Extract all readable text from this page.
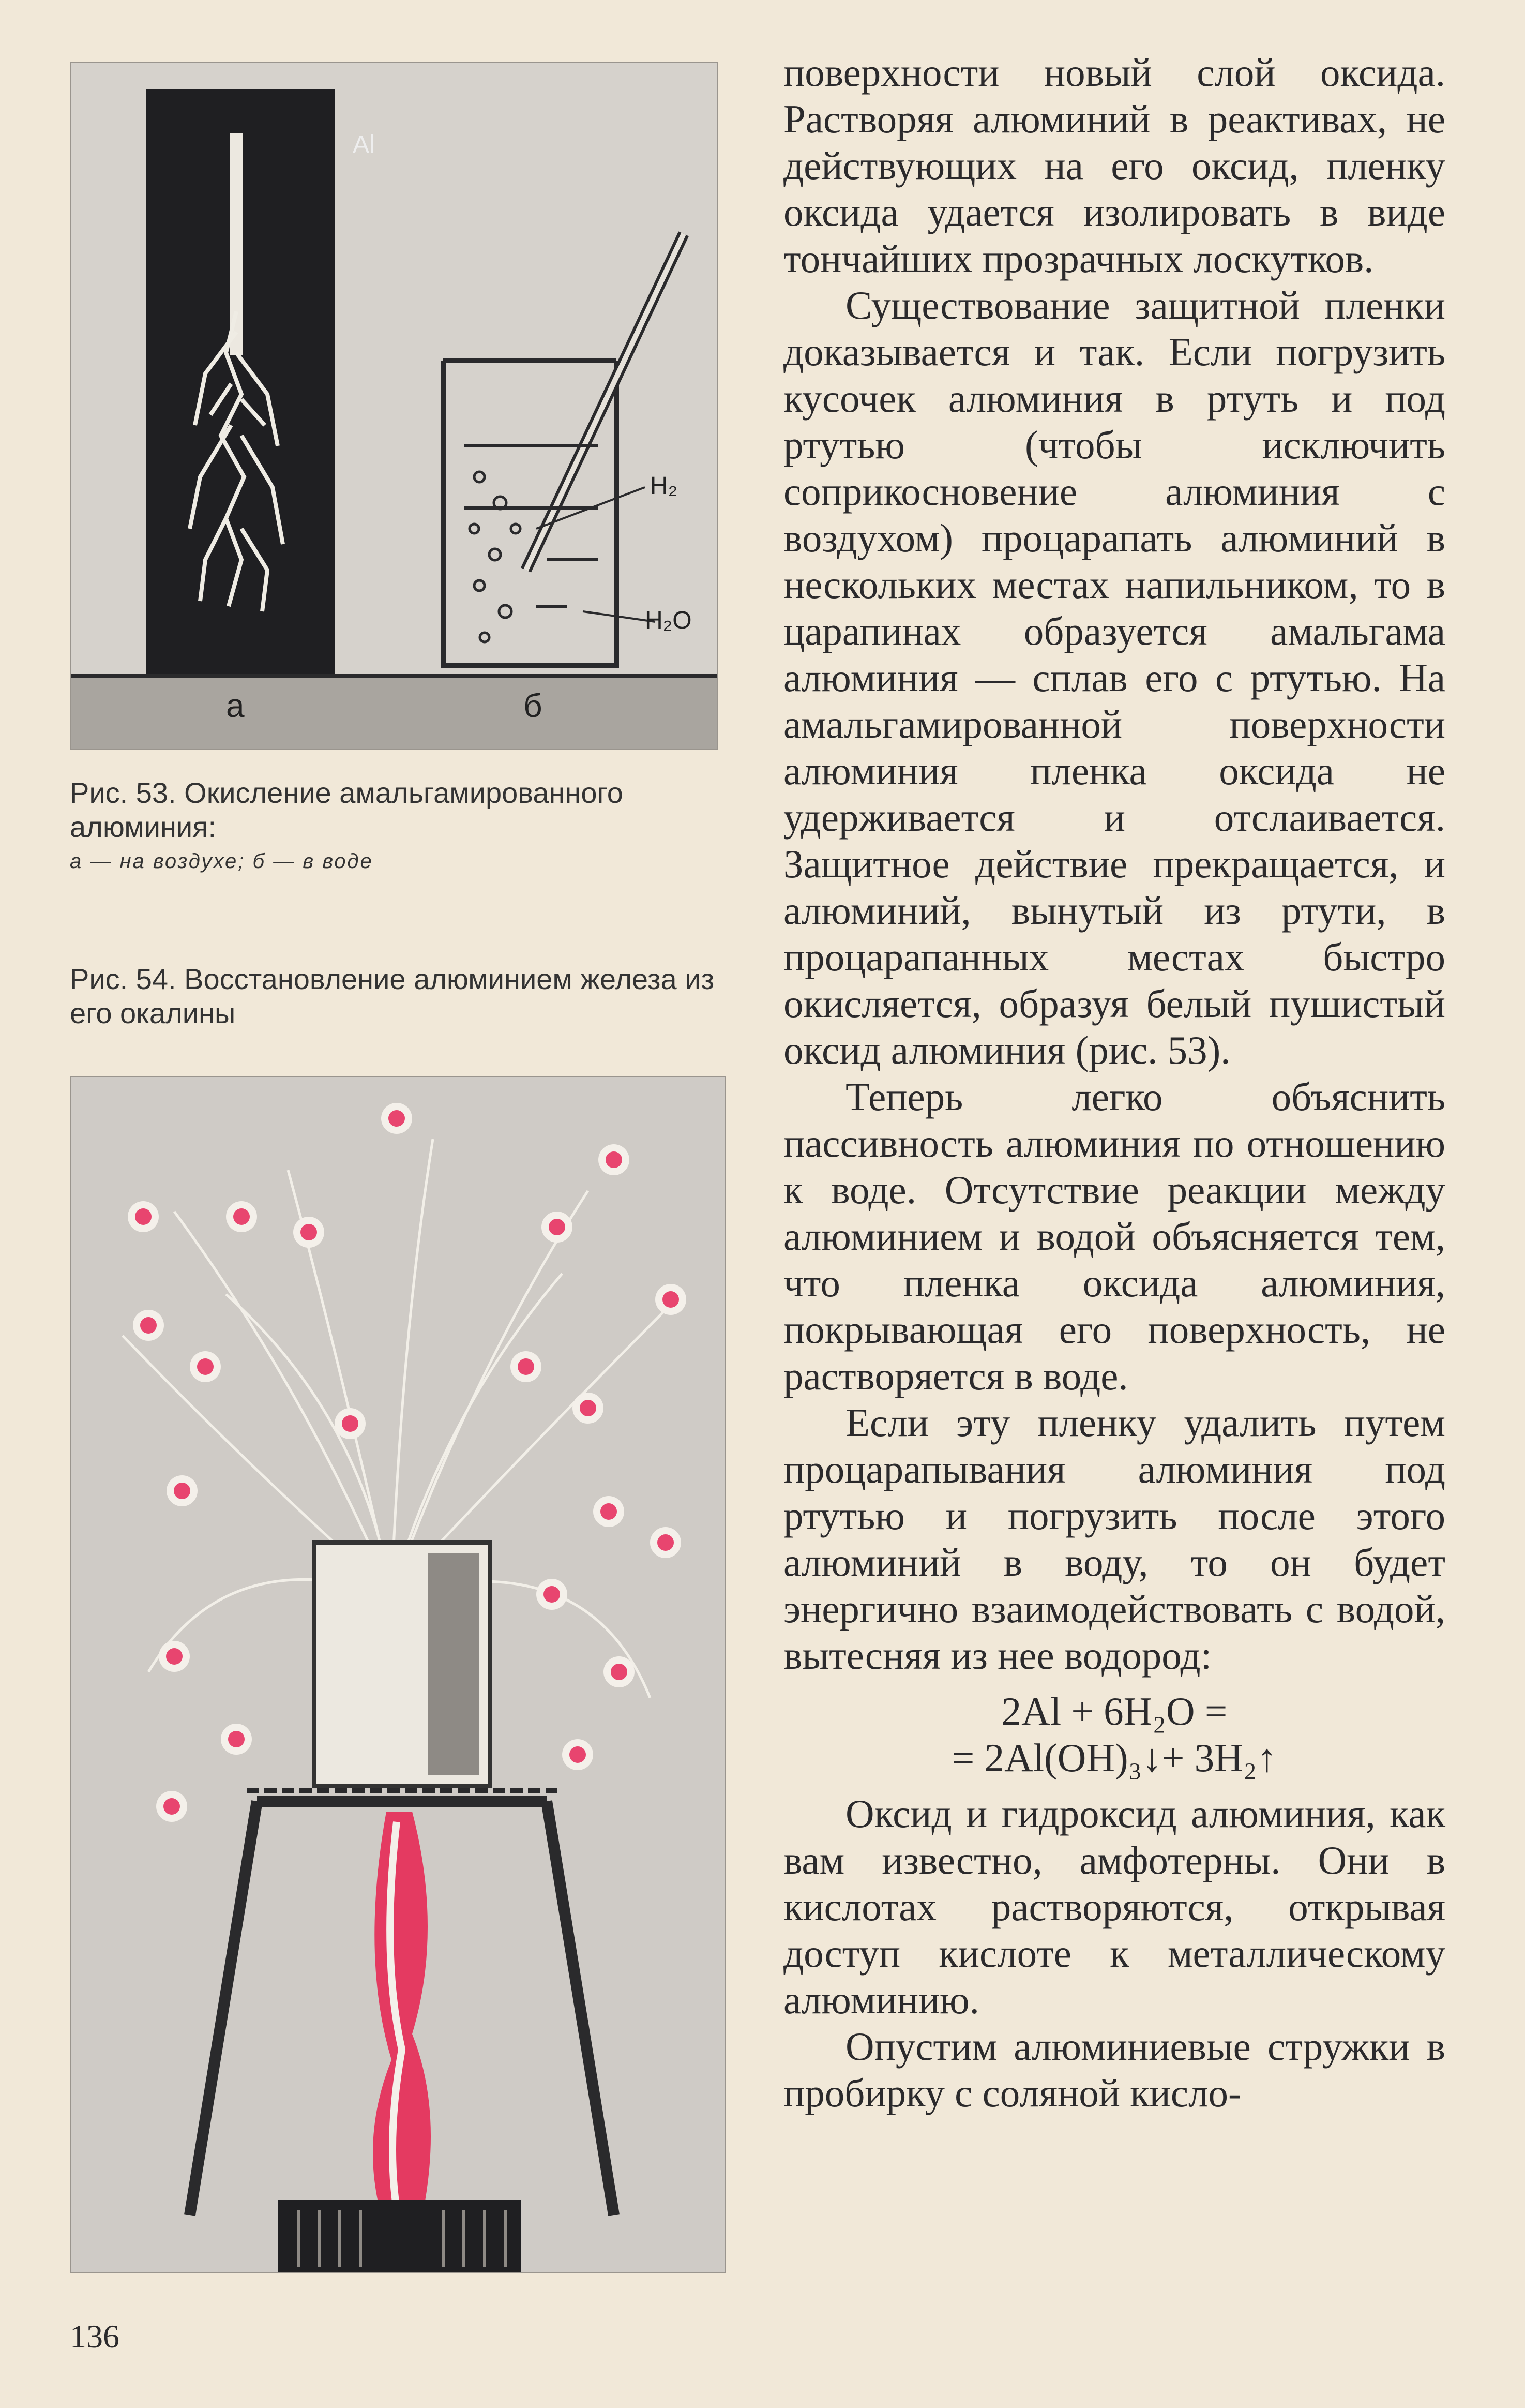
Al
H₂
H₂O
а	б

Рис. 53. Окисление амальгамированного алюминия:

а — на воздухе; б — в воде

Рис. 54. Восстановление алюминием железа из его окалины

поверхности новый слой оксида. Растворяя алюминий в реактивах, не действующих на его оксид, пленку оксида удается изолировать в виде тончайших прозрачных лоскутков.

Существование защитной пленки доказывается и так. Если погрузить кусочек алюминия в ртуть и под ртутью (чтобы исключить соприкосновение алюминия с воздухом) процарапать алюминий в нескольких местах напильником, то в царапинах образуется амальгама алюминия — сплав его с ртутью. На амальгамированной поверхности алюминия пленка оксида не удерживается и отслаивается. Защитное действие прекращается, и алюминий, вынутый из ртути, в процарапанных местах быстро окисляется, образуя белый пушистый оксид алюминия (рис. 53).

Теперь легко объяснить пассивность алюминия по отношению к воде. Отсутствие реакции между алюминием и водой объясняется тем, что пленка оксида алюминия, покрывающая его поверхность, не растворяется в воде.

Если эту пленку удалить путем процарапывания алюминия под ртутью и погрузить после этого алюминий в воду, то он будет энергично взаимодействовать с водой, вытесняя из нее водород:

2Al + 6H₂O =
= 2Al(OH)₃↓+ 3H₂↑

Оксид и гидроксид алюминия, как вам известно, амфотерны. Они в кислотах растворяются, открывая доступ кислоте к металлическому алюминию.

Опустим алюминиевые стружки в пробирку с соляной кисло-

136
